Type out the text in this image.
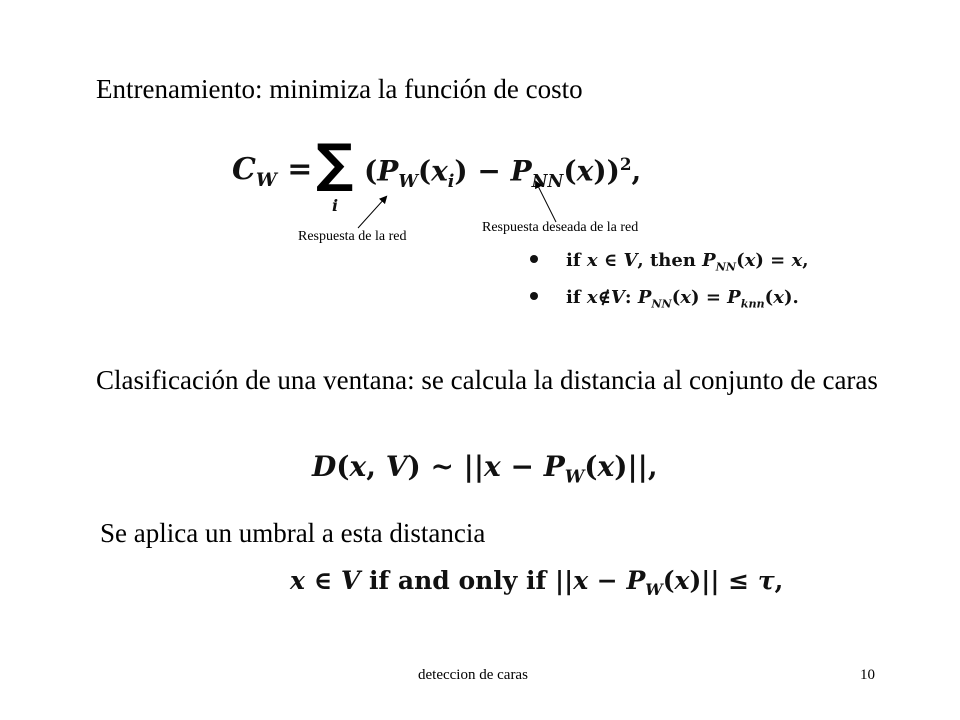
Entrenamiento: minimiza la función de costo
$C_W$ = ∑
i
$(P_W(x_i) - P_{NN}(x))^2$,
Respuesta de la red
Respuesta deseada de la red
if x ∈ V, then $P_{NN}(x) = x$,
if x∉V: $P_{NN}(x) = P_{knn}(x)$.
Clasificación de una ventana: se calcula la distancia al conjunto de caras
D(x, V) ~ $||x - P_W(x)||$,
Se aplica un umbral a esta distancia
x ∈ V if and only if $||x - P_W(x)|| \le \tau$,
deteccion de caras	10
